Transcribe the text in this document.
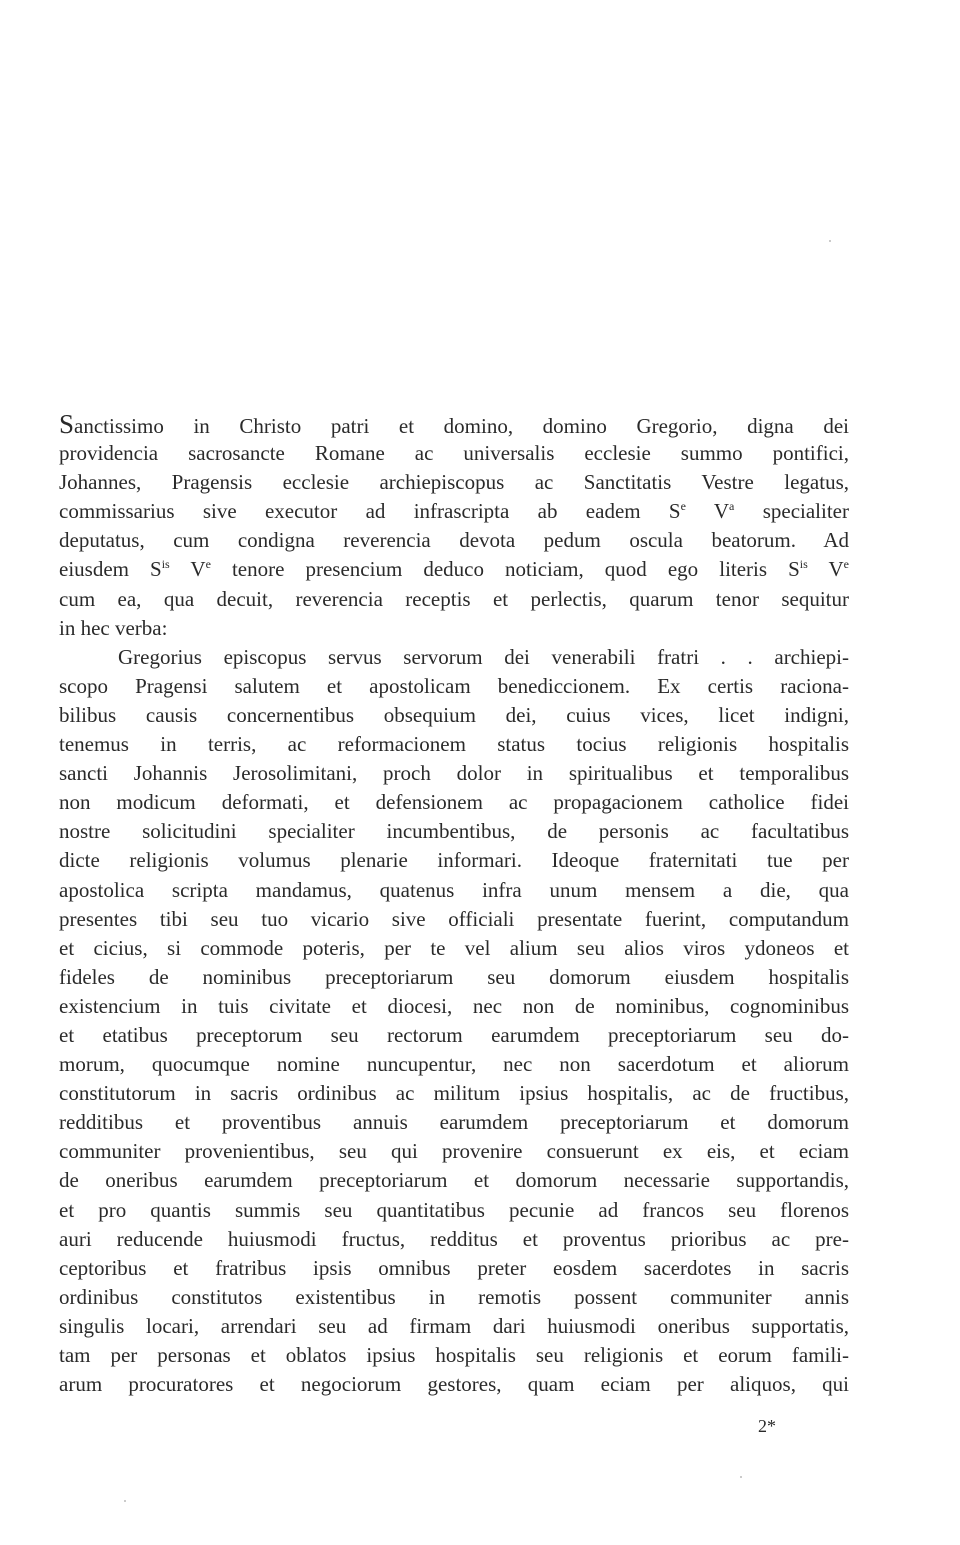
Sanctissimo in Christo patri et domino, domino Gregorio, digna dei
providencia sacrosancte Romane ac universalis ecclesie summo pontifici,
Johannes, Pragensis ecclesie archiepiscopus ac Sanctitatis Vestre legatus,
commissarius sive executor ad infrascripta ab eadem $S^e$ $V^a$ specialiter
deputatus, cum condigna reverencia devota pedum oscula beatorum. Ad
eiusdem $S^{is}$ Ve tenore presencium deduco noticiam, quod ego literis $S^{is}$ Ve
cum ea, qua decuit, reverencia receptis et perlectis, quarum tenor sequitur
in hec verba:
Gregorius episcopus servus servorum dei venerabili fratri . . archiepi-
scopo Pragensi salutem et apostolicam benediccionem. Ex certis raciona-
bilibus causis concernentibus obsequium dei, cuius vices, licet indigni,
tenemus in terris, ac reformacionem status tocius religionis hospitalis
sancti Johannis Jerosolimitani, proch dolor in spiritualibus et temporalibus
non modicum deformati, et defensionem ac propagacionem catholice fidei
nostre solicitudini specialiter incumbentibus, de personis ac facultatibus
dicte religionis volumus plenarie informari. Ideoque fraternitati tue per
apostolica scripta mandamus, quatenus infra unum mensem a die, qua
presentes tibi seu tuo vicario sive officiali presentate fuerint, computandum
et cicius, si commode poteris, per te vel alium seu alios viros ydoneos et
fideles de nominibus preceptoriarum seu domorum eiusdem hospitalis
existencium in tuis civitate et diocesi, nec non de nominibus, cognominibus
et etatibus preceptorum seu rectorum earumdem preceptoriarum seu do-
morum, quocumque nomine nuncupentur, nec non sacerdotum et aliorum
constitutorum in sacris ordinibus ac militum ipsius hospitalis, ac de fructibus,
redditibus et proventibus annuis earumdem preceptoriarum et domorum
communiter provenientibus, seu qui provenire consuerunt ex eis, et eciam
de oneribus earumdem preceptoriarum et domorum necessarie supportandis,
et pro quantis summis seu quantitatibus pecunie ad francos seu florenos
auri reducende huiusmodi fructus, redditus et proventus prioribus ac pre-
ceptoribus et fratribus ipsis omnibus preter eosdem sacerdotes in sacris
ordinibus constitutos existentibus in remotis possent communiter annis
singulis locari, arrendari seu ad firmam dari huiusmodi oneribus supportatis,
tam per personas et oblatos ipsius hospitalis seu religionis et eorum famili-
arum procuratores et negociorum gestores, quam eciam per aliquos, qui
2*
